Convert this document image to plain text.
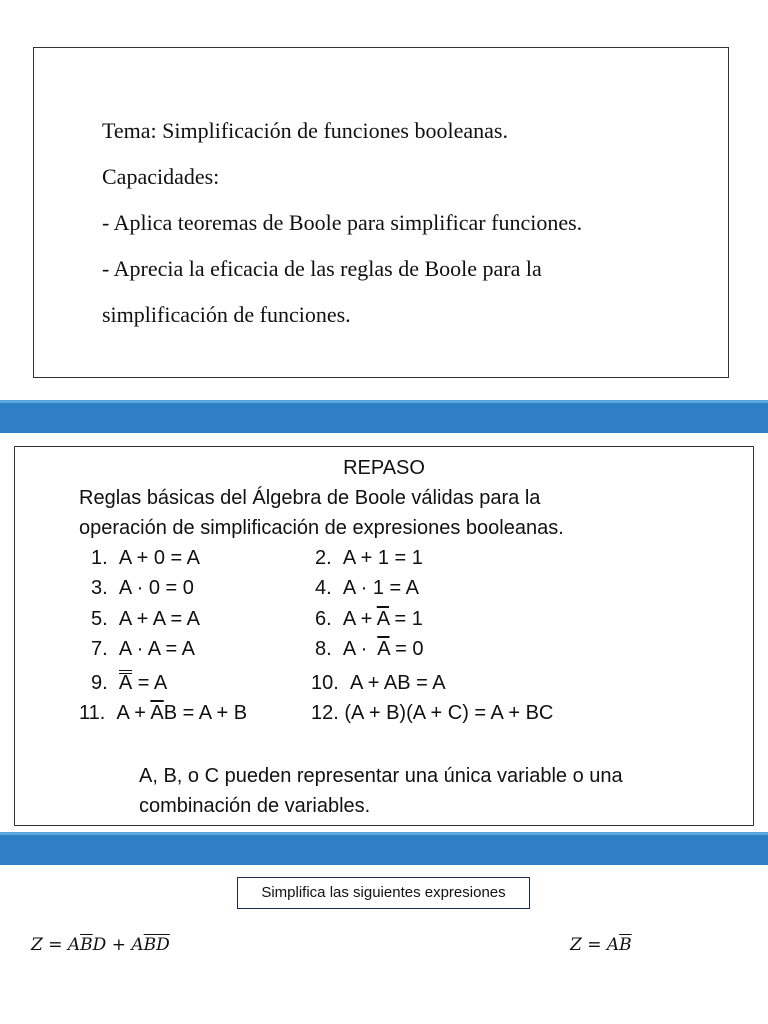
Tema: Simplificación de funciones booleanas.
Capacidades:
- Aplica teoremas de Boole para simplificar funciones.
- Aprecia la eficacia de las reglas de Boole para la
simplificación de funciones.
REPASO
Reglas básicas del Álgebra de Boole válidas para la
operación de simplificación de expresiones booleanas.
1. A + 0 = A
3. A · 0 = 0
5. A + A = A
7. A · A = A
9. A = A
11. $A + \overline{A}B = A + B$
2. A + 1 = 1
4. A · 1 = A
6. $A + \overline{A} = 1$
8. $A \cdot \overline{A} = 0$
10. A + AB = A
12. (A + B)(A + C) = A + BC
A, B, o C pueden representar una única variable o una
combinación de variables.
Simplifica las siguientes expresiones
$Z = A\overline{B}D + A\overline{B}\overline{D}$	$Z = A\overline{B}$
